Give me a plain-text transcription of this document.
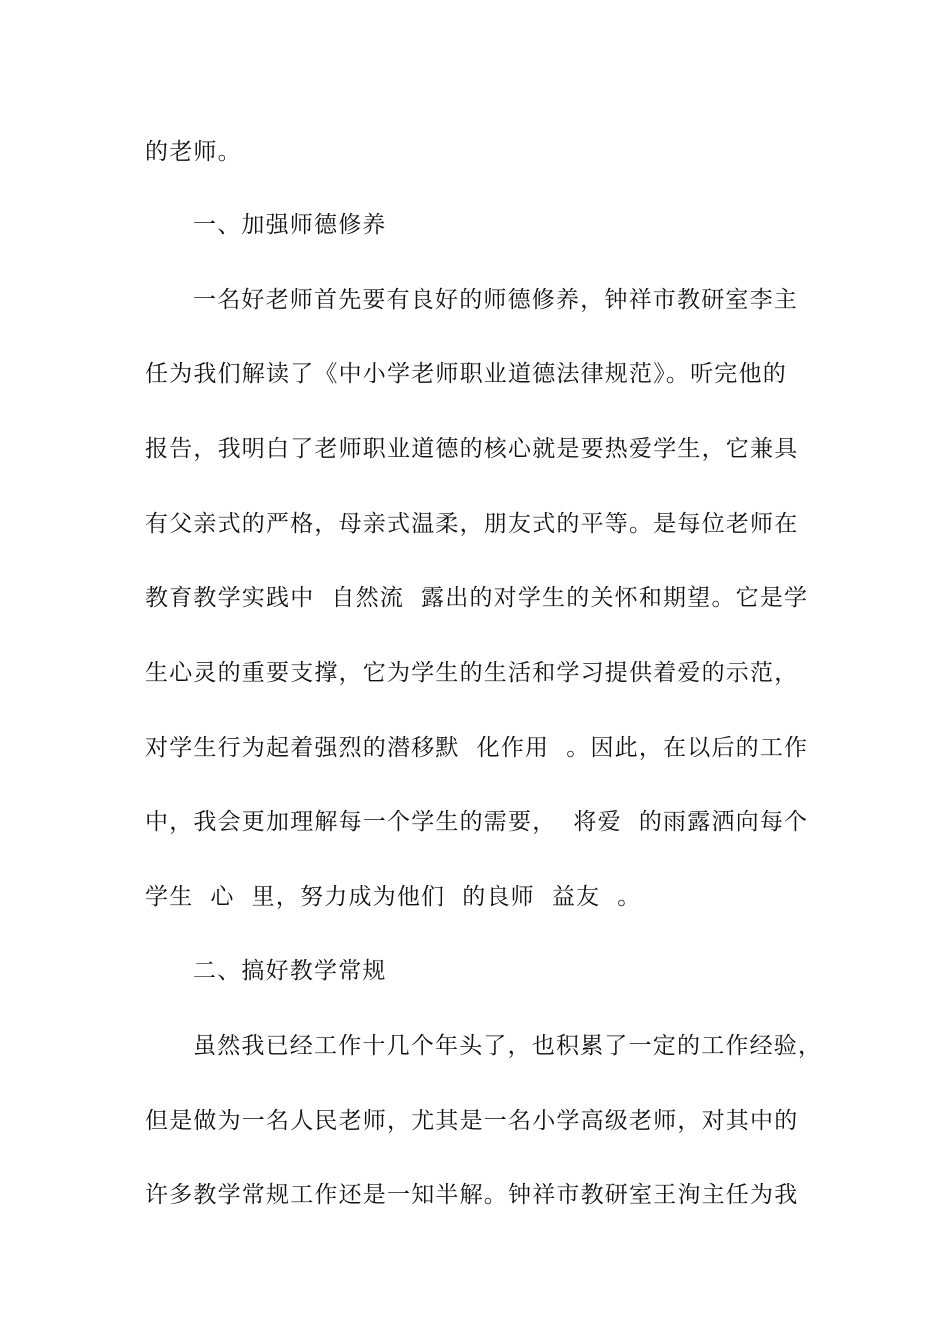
的老师。
一、加强师德修养
一名好老师首先要有良好的师德修养，钟祥市教研室李主
任为我们解读了《中小学老师职业道德法律规范》。听完他的
报告，我明白了老师职业道德的核心就是要热爱学生，它兼具
有父亲式的严格，母亲式温柔，朋友式的平等。是每位老师在
教育教学实践中  自然流  露出的对学生的关怀和期望。它是学
生心灵的重要支撑，它为学生的生活和学习提供着爱的示范，
对学生行为起着强烈的潜移默  化作用  。因此，在以后的工作
中，我会更加理解每一个学生的需要，  将爱  的雨露洒向每个
学生  心  里，努力成为他们  的良师  益友  。
二、搞好教学常规
虽然我已经工作十几个年头了，也积累了一定的工作经验，
但是做为一名人民老师，尤其是一名小学高级老师，对其中的
许多教学常规工作还是一知半解。钟祥市教研室王洵主任为我
